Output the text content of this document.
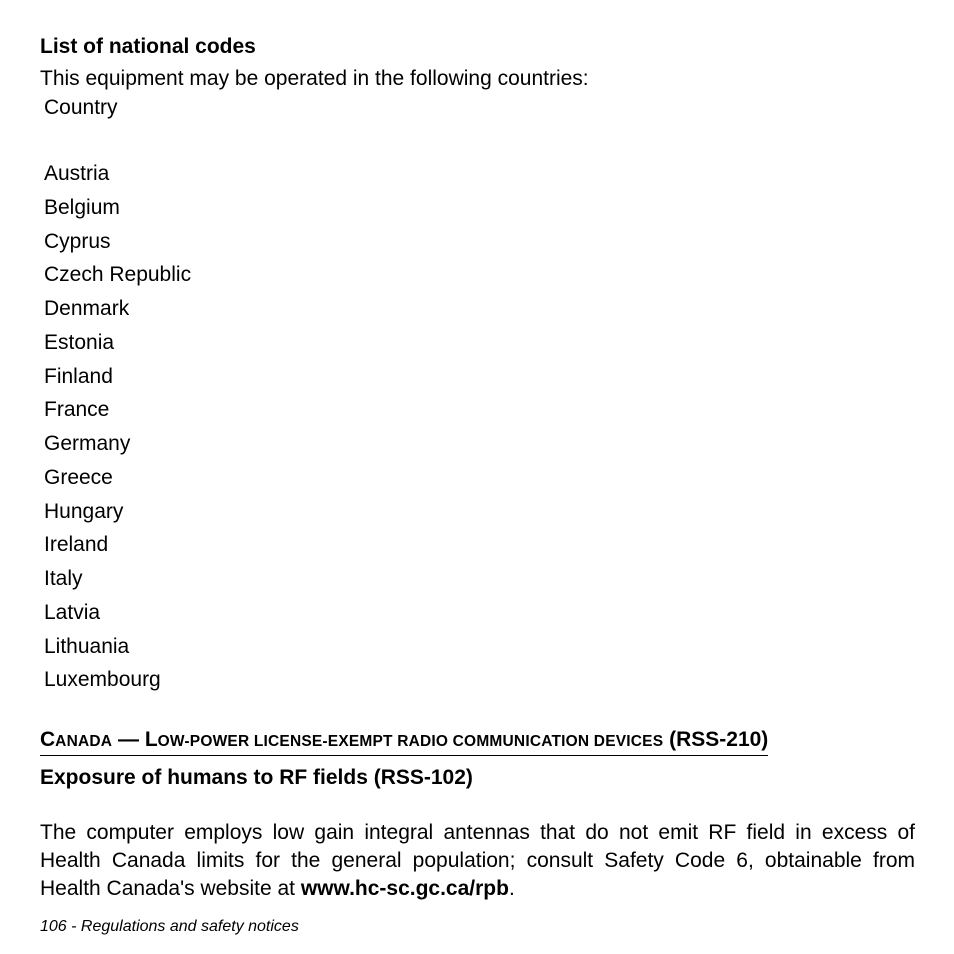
List of national codes
This equipment may be operated in the following countries:
Country
Austria
Belgium
Cyprus
Czech Republic
Denmark
Estonia
Finland
France
Germany
Greece
Hungary
Ireland
Italy
Latvia
Lithuania
Luxembourg
CANADA — LOW-POWER LICENSE-EXEMPT RADIO COMMUNICATION DEVICES (RSS-210)
Exposure of humans to RF fields (RSS-102)

The computer employs low gain integral antennas that do not emit RF field in excess of Health Canada limits for the general population; consult Safety Code 6, obtainable from Health Canada's website at www.hc-sc.gc.ca/rpb.

106 - Regulations and safety notices
